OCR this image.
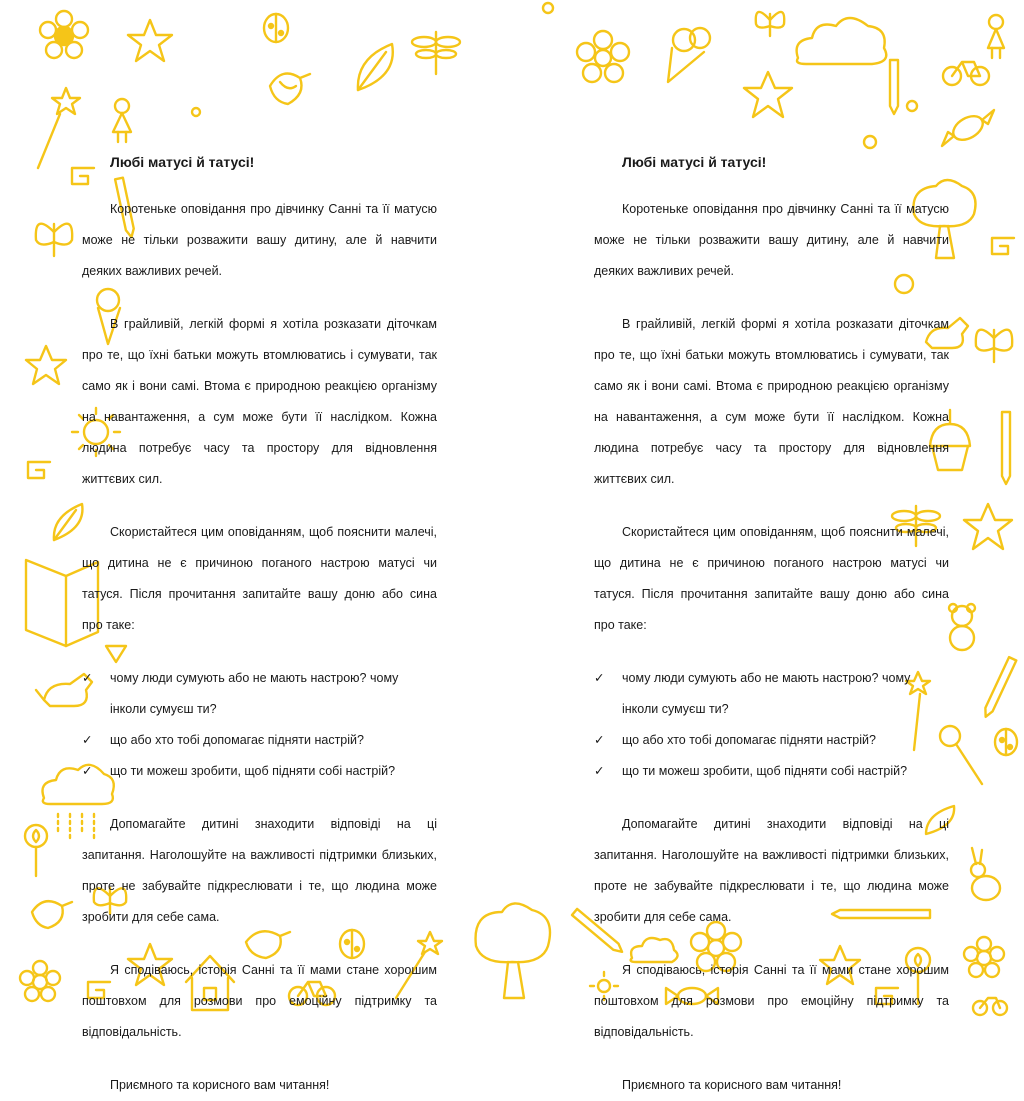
Любі матусі й татусі!

Коротеньке оповідання про дівчинку Санні та її матусю може не тільки розважити вашу дитину, але й навчити деяких важливих речей.

В грайливій, легкій формі я хотіла розказати діточкам про те, що їхні батьки можуть втомлюватись і сумувати, так само як і вони самі. Втома є природною реакцією організму на навантаження, а сум може бути її наслідком. Кожна людина потребує часу та простору для відновлення життєвих сил.

Скористайтеся цим оповіданням, щоб пояснити малечі, що дитина не є причиною поганого настрою матусі чи татуся. Після прочитання запитайте вашу доню або сина про таке:

✓ чому люди сумують або не мають настрою? чому інколи сумуєш ти?
✓ що або хто тобі допомагає підняти настрій?
✓ що ти можеш зробити, щоб підняти собі настрій?

Допомагайте дитині знаходити відповіді на ці запитання. Наголошуйте на важливості підтримки близьких, проте не забувайте підкреслювати і те, що людина може зробити для себе сама.

Я сподіваюсь, історія Санні та її мами стане хорошим поштовхом для розмови про емоційну підтримку та відповідальність.

Приємного та корисного вам читання!

Любі матусі й татусі!

Коротеньке оповідання про дівчинку Санні та її матусю може не тільки розважити вашу дитину, але й навчити деяких важливих речей.

В грайливій, легкій формі я хотіла розказати діточкам про те, що їхні батьки можуть втомлюватись і сумувати, так само як і вони самі. Втома є природною реакцією організму на навантаження, а сум може бути її наслідком. Кожна людина потребує часу та простору для відновлення життєвих сил.

Скористайтеся цим оповіданням, щоб пояснити малечі, що дитина не є причиною поганого настрою матусі чи татуся. Після прочитання запитайте вашу доню або сина про таке:

✓ чому люди сумують або не мають настрою? чому інколи сумуєш ти?
✓ що або хто тобі допомагає підняти настрій?
✓ що ти можеш зробити, щоб підняти собі настрій?

Допомагайте дитині знаходити відповіді на ці запитання. Наголошуйте на важливості підтримки близьких, проте не забувайте підкреслювати і те, що людина може зробити для себе сама.

Я сподіваюсь, історія Санні та її мами стане хорошим поштовхом для розмови про емоційну підтримку та відповідальність.

Приємного та корисного вам читання!
